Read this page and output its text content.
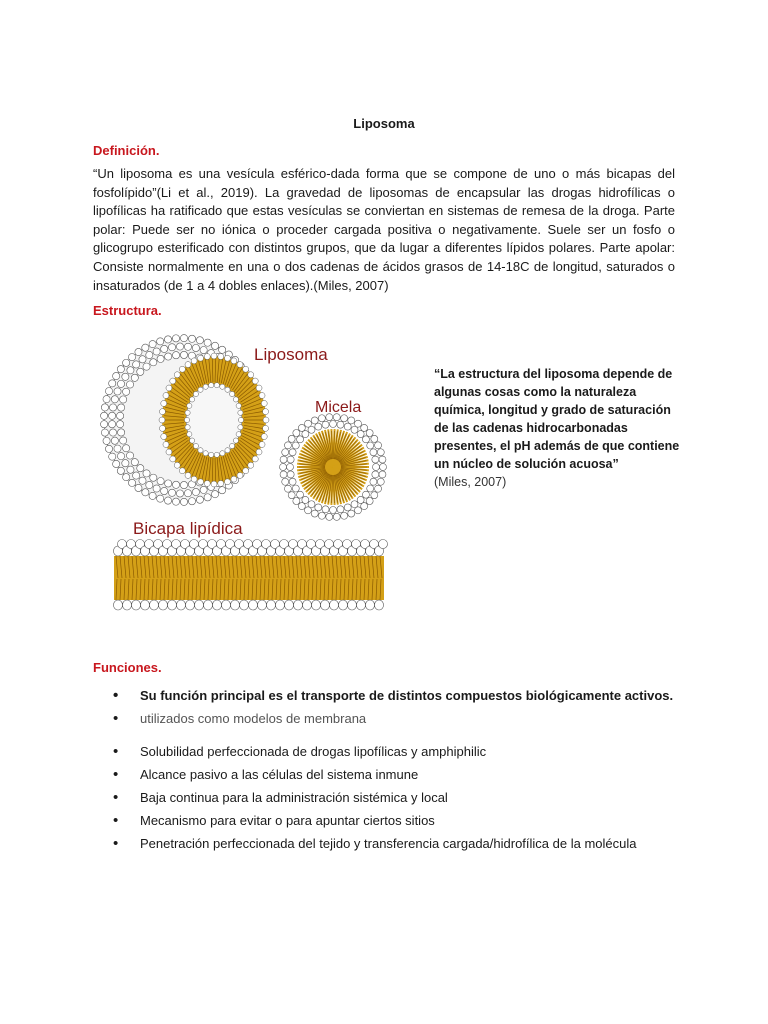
Liposoma
Definición.

“Un liposoma es una vesícula esférico-dada forma que se compone de uno o más bicapas del fosfolípido”(Li et al., 2019). La gravedad de liposomas de encapsular las drogas hidrofílicas o lipofílicas ha ratificado que estas vesículas se conviertan en sistemas de remesa de la droga. Parte polar: Puede ser no iónica o proceder cargada positiva o negativamente. Suele ser un fosfo o glicogrupo esterificado con distintos grupos, que da lugar a diferentes lípidos polares. Parte apolar: Consiste normalmente en una o dos cadenas de ácidos grasos de 14-18C de longitud, saturados o insaturados (de 1 a 4 dobles enlaces).(Miles, 2007)

Estructura.
Liposoma
Micela
Bicapa lipídica
“La estructura del liposoma depende de algunas cosas como la naturaleza química, longitud y grado de saturación de las cadenas hidrocarbonadas presentes, el pH además de que contiene un núcleo de solución acuosa”
(Miles, 2007)
Funciones.
• Su función principal es el transporte de distintos compuestos biológicamente activos.
• utilizados como modelos de membrana
• Solubilidad perfeccionada de drogas lipofílicas y amphiphilic
• Alcance pasivo a las células del sistema inmune
• Baja continua para la administración sistémica y local
• Mecanismo para evitar o para apuntar ciertos sitios
• Penetración perfeccionada del tejido y transferencia cargada/hidrofílica de la molécula
